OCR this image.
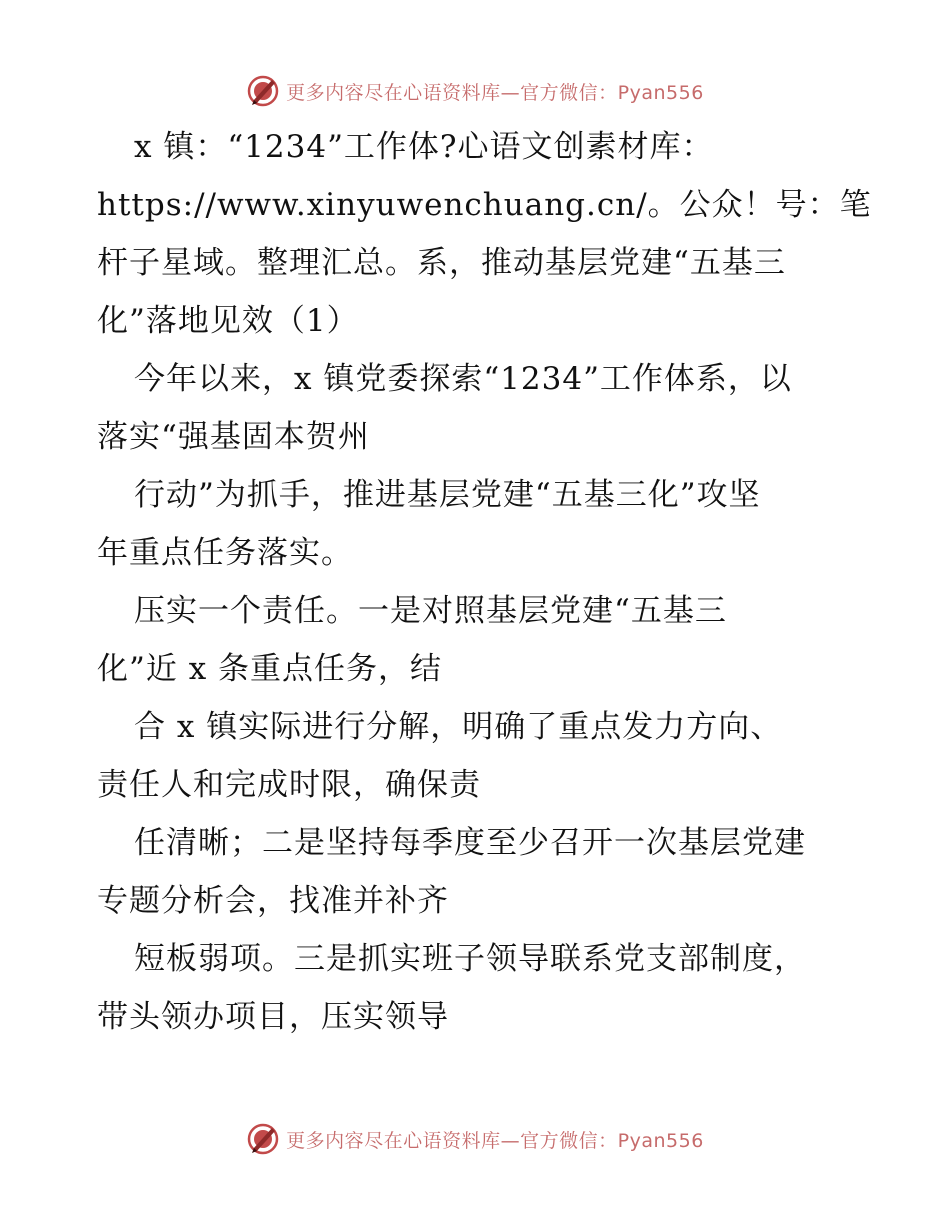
更多内容尽在心语资料库—官方微信：Pyan556
x 镇：“1234”工作体?心语文创素材库：
https://www.xinyuwenchuang.cn/。公众！号：笔
杆子星域。整理汇总。系，推动基层党建“五基三
化”落地见效（1）
今年以来，x 镇党委探索“1234”工作体系，以
落实“强基固本贺州
行动”为抓手，推进基层党建“五基三化”攻坚
年重点任务落实。
压实一个责任。一是对照基层党建“五基三
化”近 x 条重点任务，结
合 x 镇实际进行分解，明确了重点发力方向、
责任人和完成时限，确保责
任清晰；二是坚持每季度至少召开一次基层党建
专题分析会，找准并补齐
短板弱项。三是抓实班子领导联系党支部制度，
带头领办项目，压实领导
更多内容尽在心语资料库—官方微信：Pyan556
